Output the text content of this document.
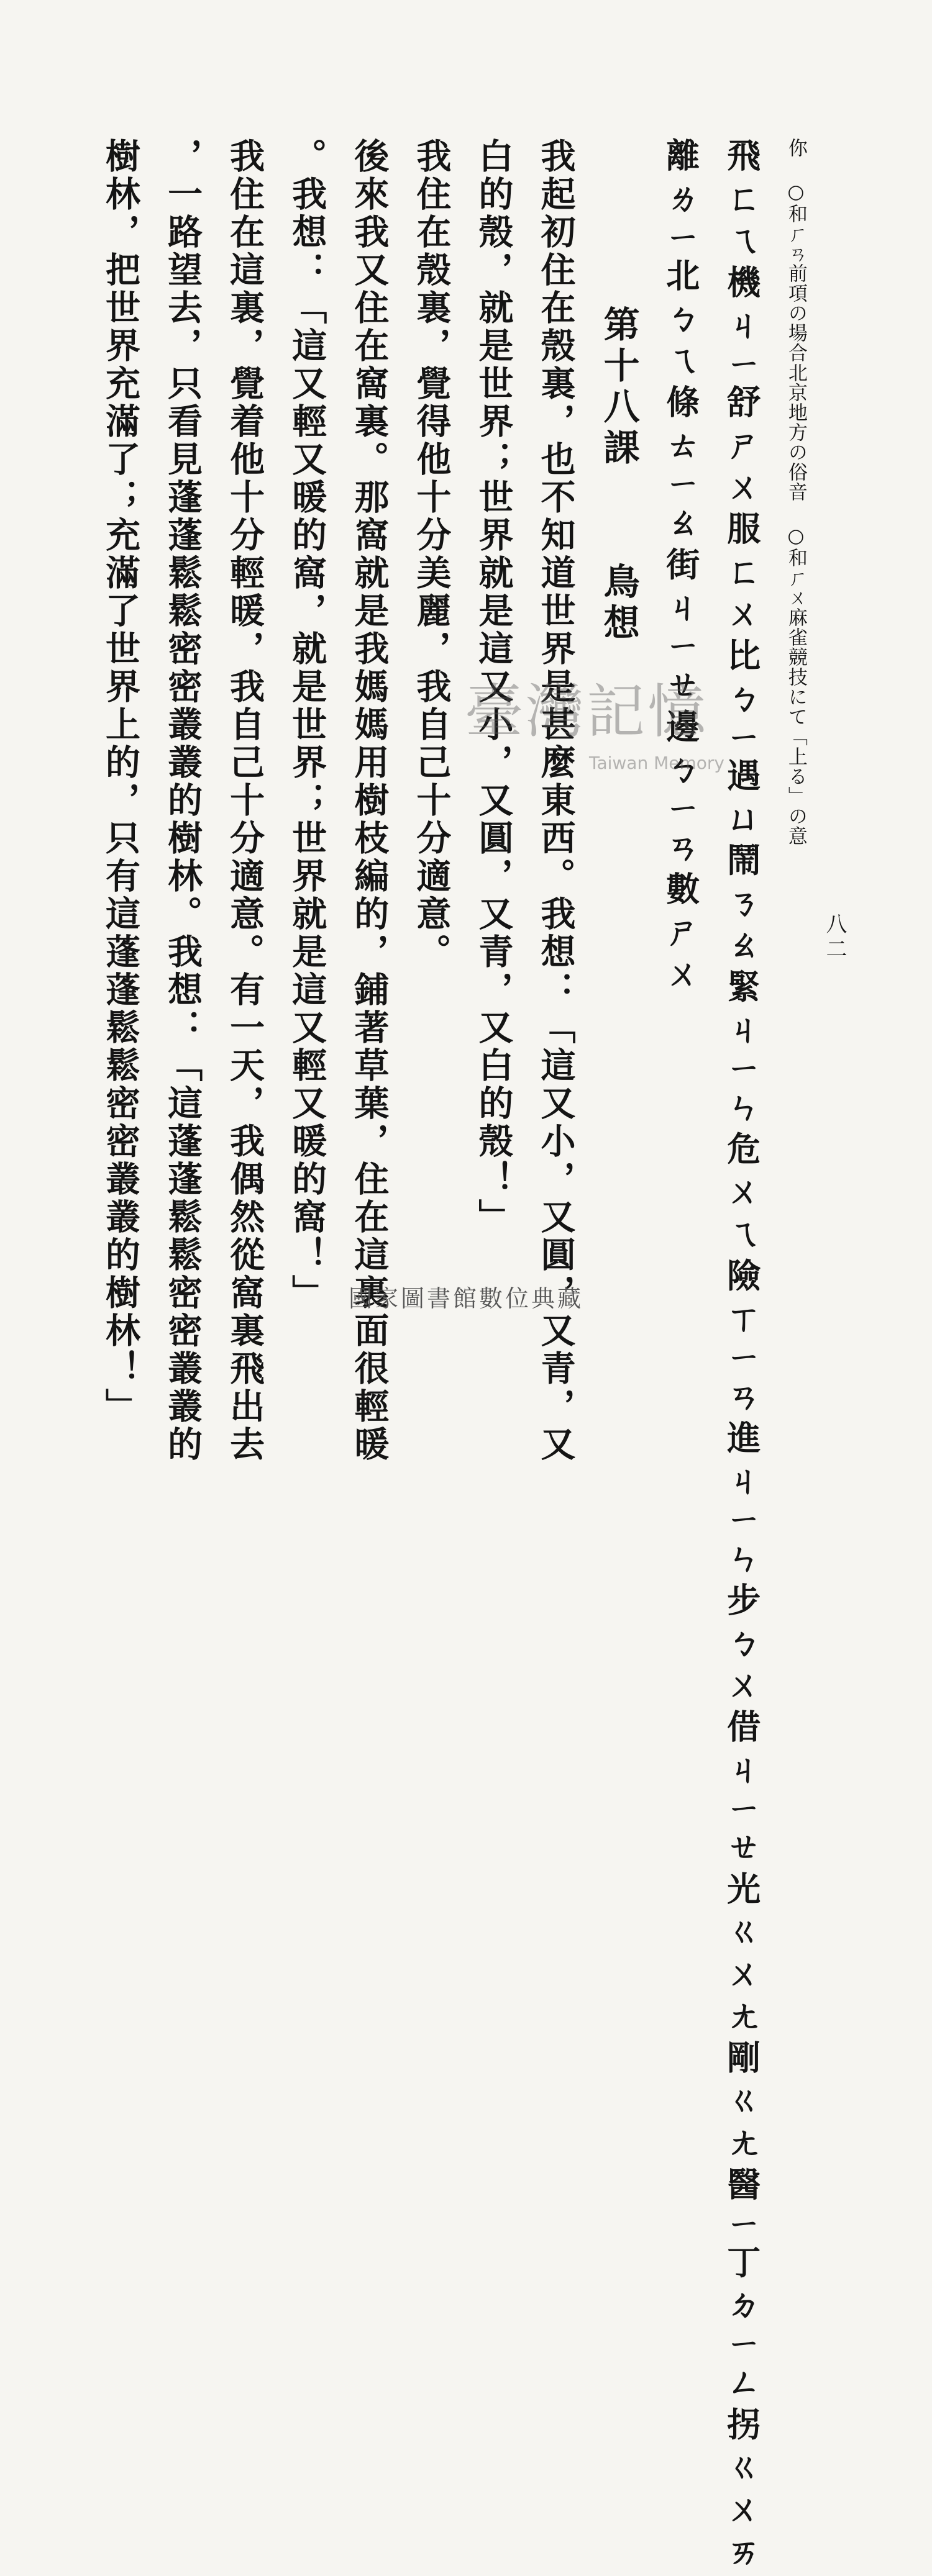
八二
你 ○和ㄏㄢ前項の場合北京地方の俗音 ○和ㄏㄨ麻雀競技にて「上る」の意
飛ㄈㄟ機ㄐㄧ舒ㄕㄨ服ㄈㄨ比ㄅㄧ遇ㄩ鬧ㄋㄠ緊ㄐㄧㄣ危ㄨㄟ險ㄒㄧㄢ進ㄐㄧㄣ步ㄅㄨ借ㄐㄧㄝ光ㄍㄨㄤ剛ㄍㄤ醫ㄧ丁ㄉㄧㄥ拐ㄍㄨㄞ
離ㄌㄧ北ㄅㄟ條ㄊㄧㄠ街ㄐㄧㄝ邊ㄅㄧㄢ數ㄕㄨ
第十八課鳥想
我起初住在殼裏，也不知道世界是甚麼東西。我想：「這又小，又圓，又青，又
白的殼，就是世界；世界就是這又小，又圓，又青，又白的殼！」
我住在殼裏，覺得他十分美麗，我自己十分適意。
後來我又住在窩裏。那窩就是我媽媽用樹枝編的，鋪著草葉，住在這裏面很輕暖
。我想：「這又輕又暖的窩，就是世界；世界就是這又輕又暖的窩！」
我住在這裏，覺着他十分輕暖，我自己十分適意。有一天，我偶然從窩裏飛出去
，一路望去，只看見蓬蓬鬆鬆密密叢叢的樹林。我想：「這蓬蓬鬆鬆密密叢叢的
樹林，把世界充滿了；充滿了世界上的，只有這蓬蓬鬆鬆密密叢叢的樹林！」	臺灣記憶
Taiwan Memory
國家圖書館數位典藏
